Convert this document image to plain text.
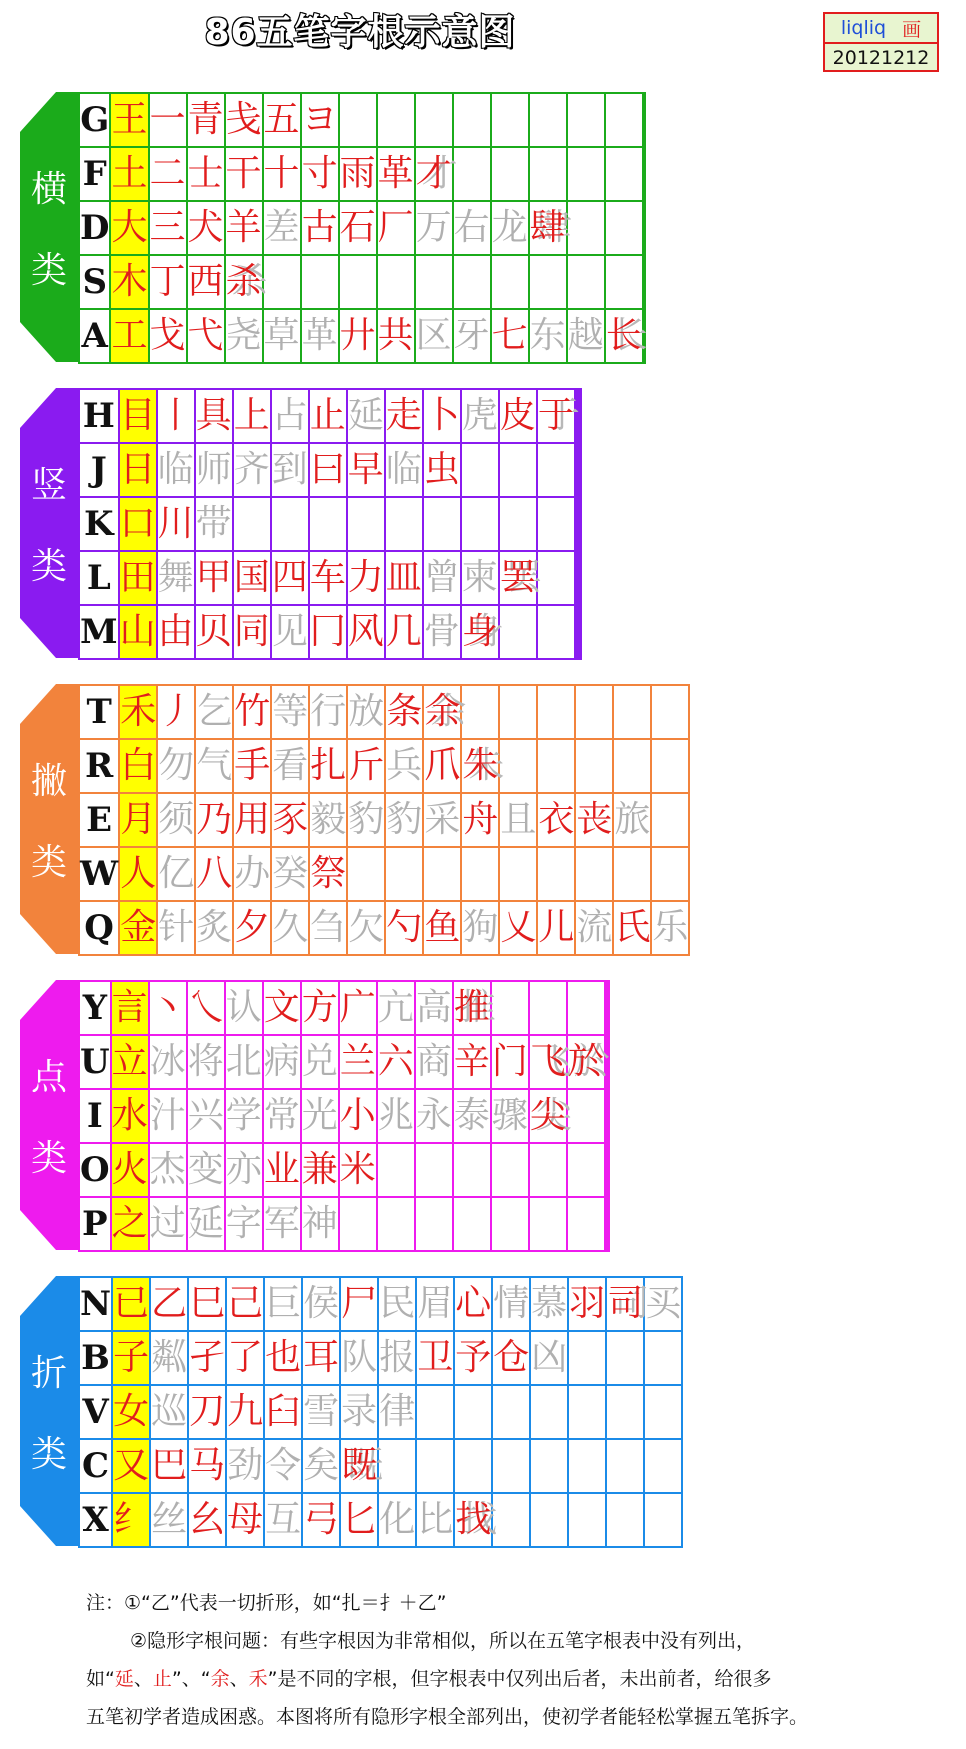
86五笔字根示意图	liqliq 画
20121212
横
类
G	王	一	青	戋	五	ヨ									
F	土	二	士	干	十	寸	雨	革	才						
D	大	三	犬	羊	差	古	石	厂	万	右	龙	肆			
S	木	丁	西	杀											
A	工	戈	弋	尧	草	革	廾	共	区	牙	七	东	越	长	
竖
类
H	目	丨	具	上	占	止	延	走	卜	虎	皮	于			
J	日	临	师	齐	到	曰	早	临	虫						
K	口	川	带												
L	田	舞	甲	国	四	车	力	皿	曾	柬	罢				
M	山	由	贝	同	见	冂	风	几	骨	身					
撇
类
T	禾	丿	乞	竹	等	行	放	条	余						
R	白	勿	气	手	看	扎	斤	兵	爪	朱					
E	月	须	乃	用	豕	毅	豹	豹	采	舟	且	衣	丧	旅	
W	人	亿	八	办	癸	祭									
Q	金	针	炙	夕	久	刍	欠	勺	鱼	狗	乂	儿	流	氏	乐
点
类
Y	言	丶	乀	认	文	方	广	亢	高	推					
U	立	冰	将	北	病	兑	兰	六	商	辛	门	飞	於		
I	水	汁	兴	学	常	光	小	兆	永	泰	骤	尖			
O	火	杰	变	亦	业	兼	米								
P	之	过	延	字	军	神									
折
类
N	已	乙	巳	己	巨	侯	尸	民	眉	心	情	慕	羽	司	买
B	子	粼	孑	了	也	耳	队	报	卫	予	仓	凶			
V	女	巡	刀	九	臼	雪	录	律							
C	又	巴	马	劲	令	矣	既								
X	纟	丝	幺	母	互	弓	匕	化	比	找					

注：①“乙”代表一切折形，如“扎＝扌＋乙”

②隐形字根问题：有些字根因为非常相似，所以在五笔字根表中没有列出，

如“延、止”、“余、禾”是不同的字根，但字根表中仅列出后者，未出前者，给很多

五笔初学者造成困惑。本图将所有隐形字根全部列出，使初学者能轻松掌握五笔拆字。
